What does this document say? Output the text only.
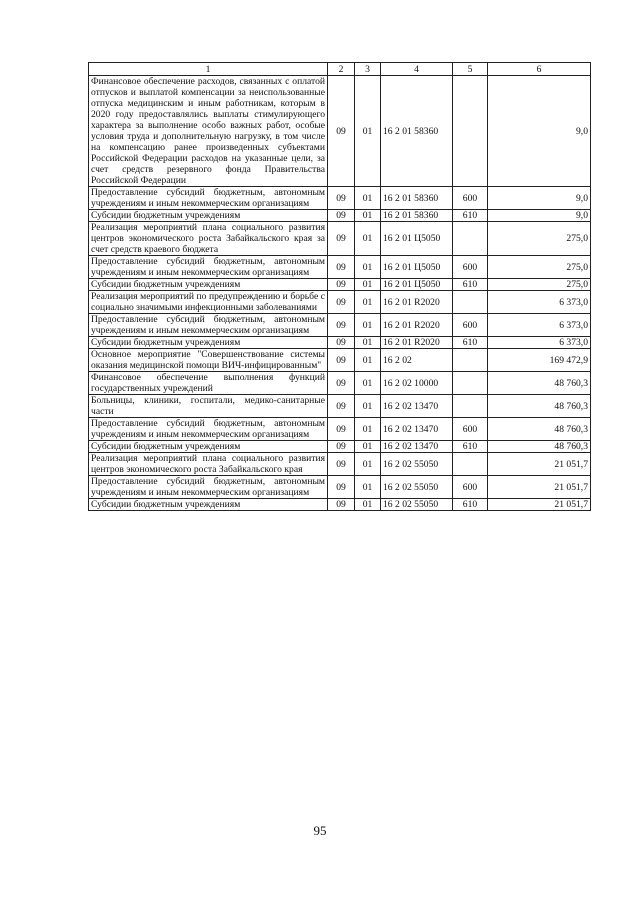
1	2	3	4	5	6
Финансовое обеспечение расходов, связанных с оплатой отпусков и выплатой компенсации за неиспользованные отпуска медицинским и иным работникам, которым в 2020 году предоставлялись выплаты стимулирующего характера за выполнение особо важных работ, особые условия труда и дополнительную нагрузку, в том числе на компенсацию ранее произведенных субъектами Российской Федерации расходов на указанные цели, за счет средств резервного фонда Правительства Российской Федерации	09	01	16 2 01 58360		9,0
Предоставление субсидий бюджетным, автономным учреждениям и иным некоммерческим организациям	09	01	16 2 01 58360	600	9,0
Субсидии бюджетным учреждениям	09	01	16 2 01 58360	610	9,0
Реализация мероприятий плана социального развития центров экономического роста Забайкальского края за счет средств краевого бюджета	09	01	16 2 01 Ц5050		275,0
Предоставление субсидий бюджетным, автономным учреждениям и иным некоммерческим организациям	09	01	16 2 01 Ц5050	600	275,0
Субсидии бюджетным учреждениям	09	01	16 2 01 Ц5050	610	275,0
Реализация мероприятий по предупреждению и борьбе с социально значимыми инфекционными заболеваниями	09	01	16 2 01 R2020		6 373,0
Предоставление субсидий бюджетным, автономным учреждениям и иным некоммерческим организациям	09	01	16 2 01 R2020	600	6 373,0
Субсидии бюджетным учреждениям	09	01	16 2 01 R2020	610	6 373,0
Основное мероприятие "Совершенствование системы оказания медицинской помощи ВИЧ-инфицированным"	09	01	16 2 02		169 472,9
Финансовое обеспечение выполнения функций государственных учреждений	09	01	16 2 02 10000		48 760,3
Больницы, клиники, госпитали, медико-санитарные части	09	01	16 2 02 13470		48 760,3
Предоставление субсидий бюджетным, автономным учреждениям и иным некоммерческим организациям	09	01	16 2 02 13470	600	48 760,3
Субсидии бюджетным учреждениям	09	01	16 2 02 13470	610	48 760,3
Реализация мероприятий плана социального развития центров экономического роста Забайкальского края	09	01	16 2 02 55050		21 051,7
Предоставление субсидий бюджетным, автономным учреждениям и иным некоммерческим организациям	09	01	16 2 02 55050	600	21 051,7
Субсидии бюджетным учреждениям	09	01	16 2 02 55050	610	21 051,7
95
